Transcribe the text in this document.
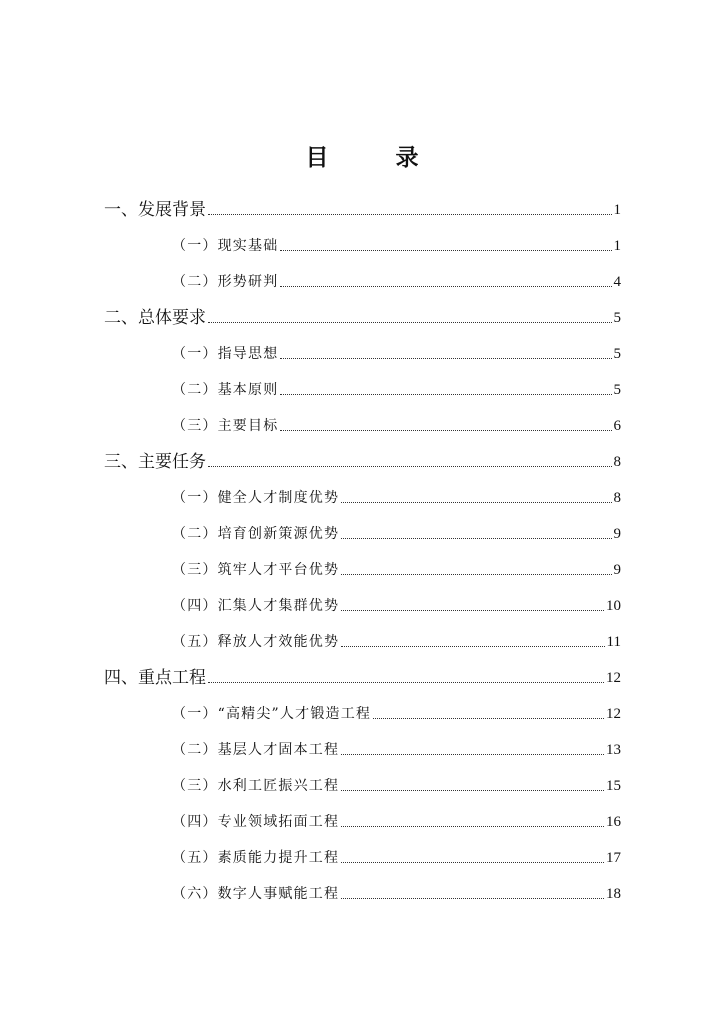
目　录
一、发展背景	1
（一）现实基础	1
（二）形势研判	4
二、总体要求	5
（一）指导思想	5
（二）基本原则	5
（三）主要目标	6
三、主要任务	8
（一）健全人才制度优势	8
（二）培育创新策源优势	9
（三）筑牢人才平台优势	9
（四）汇集人才集群优势	10
（五）释放人才效能优势	11
四、重点工程	12
（一）“高精尖”人才锻造工程	12
（二）基层人才固本工程	13
（三）水利工匠振兴工程	15
（四）专业领域拓面工程	16
（五）素质能力提升工程	17
（六）数字人事赋能工程	18
